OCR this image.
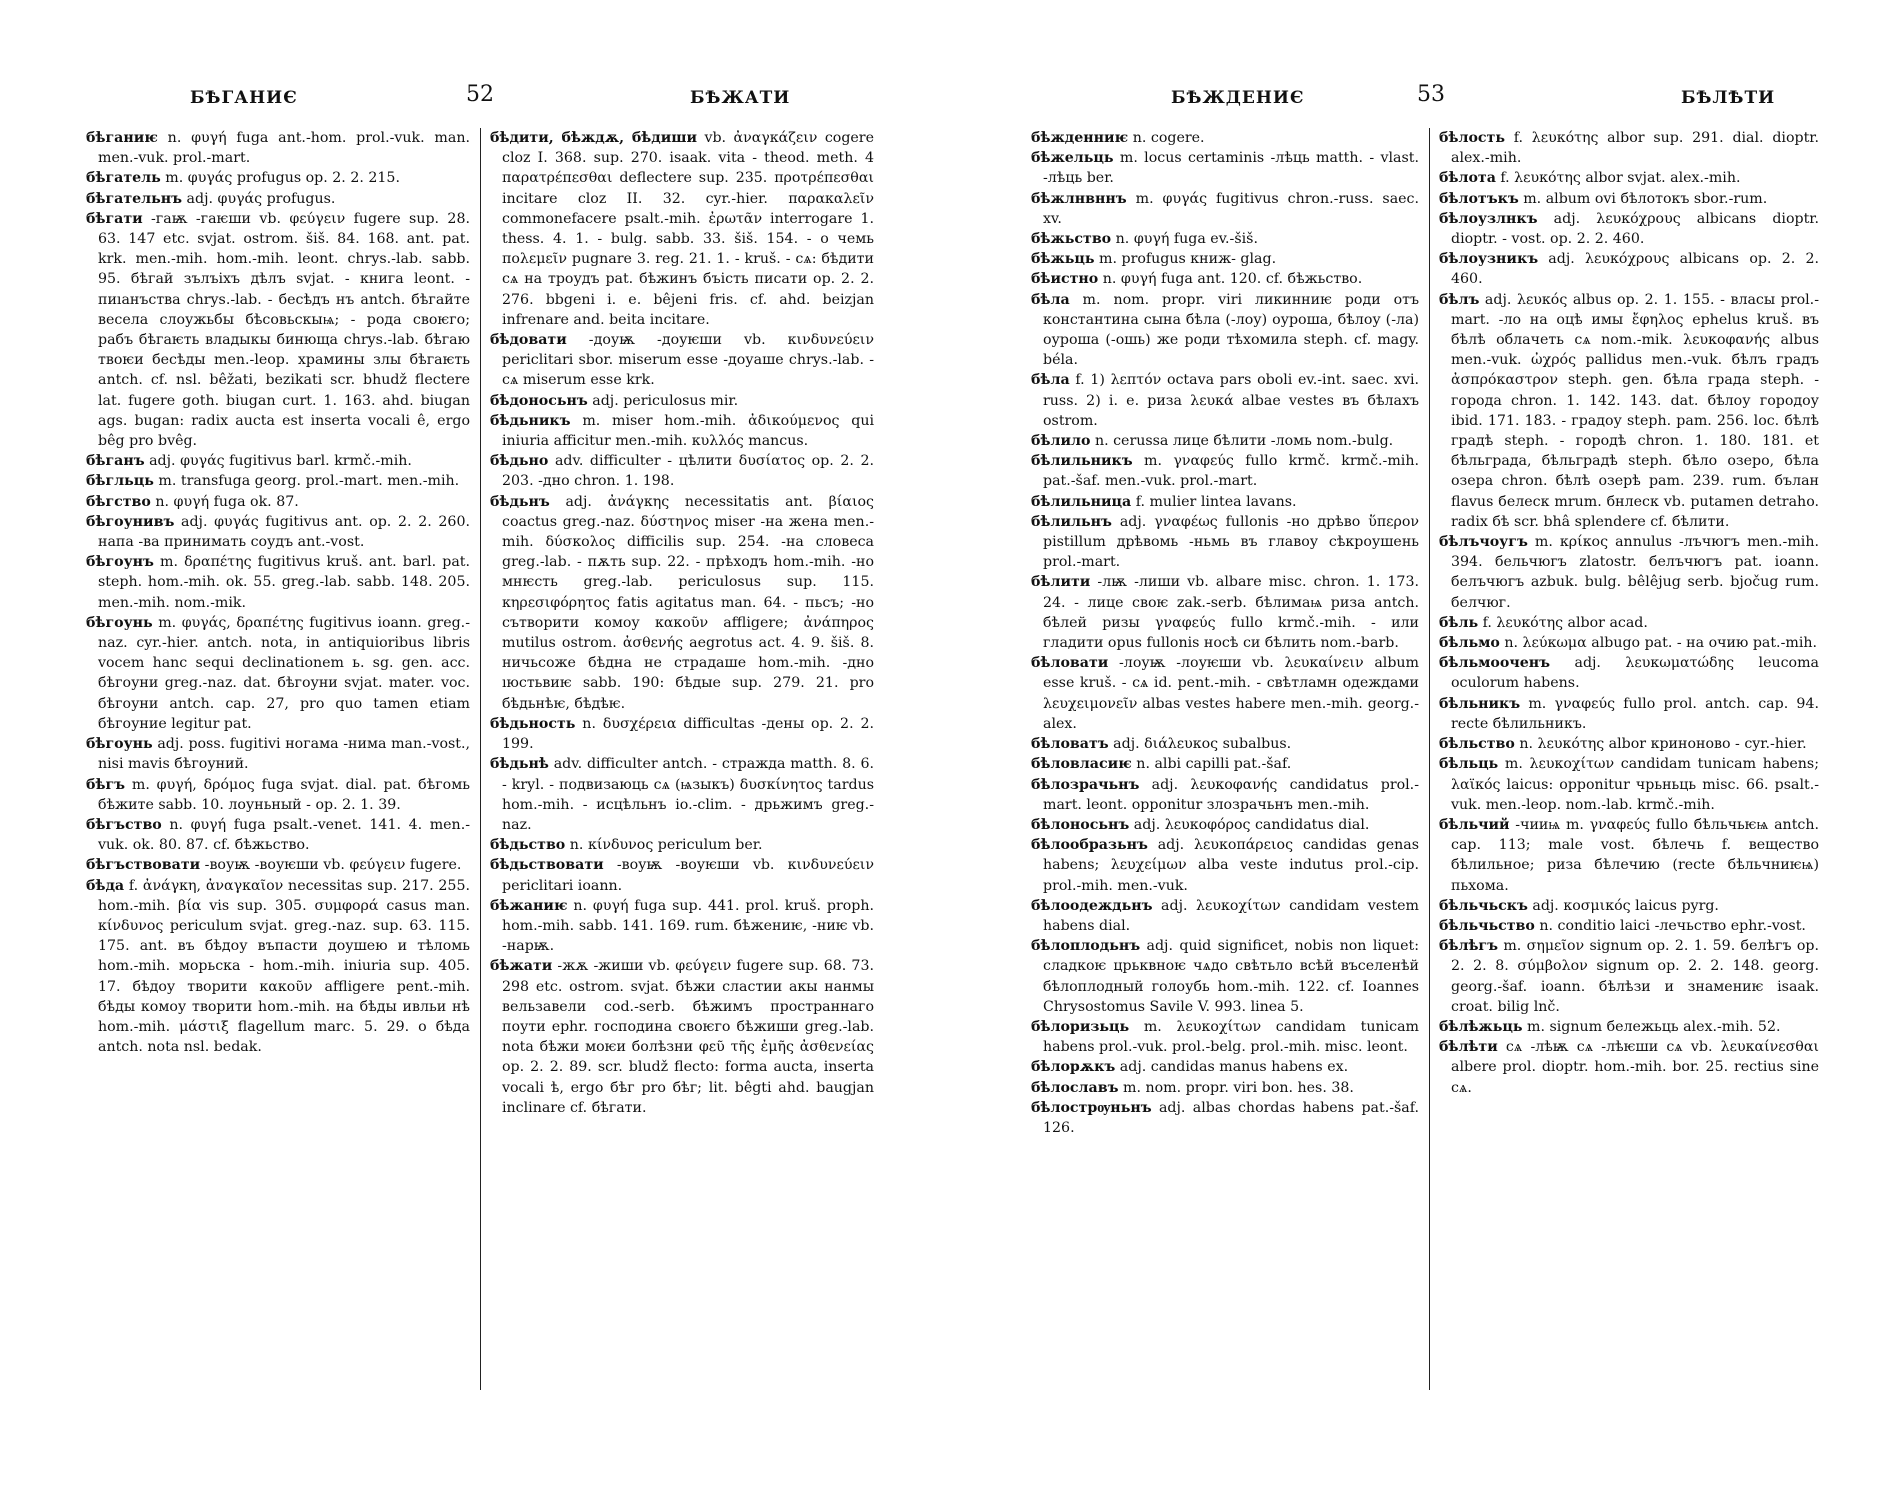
БѢГАНИЄ	52	БѢЖАТИ

бѣганиѥ n. φυγή fuga ant.-hom. prol.-vuk. man. men.-vuk. prol.-mart.

бѣгатель m. φυγάς profugus op. 2. 2. 215.

бѣгательнъ adj. φυγάς profugus.

бѣгати -гаѭ -гаѥши vb. φεύγειν fugere sup. 28. 63. 147 etc. svjat. ostrom. šiš. 84. 168. ant. pat. krk. men.-mih. hom.-mih. leont. chrys.-lab. sabb. 95. бѣгай зълъіхъ дѣлъ svjat. - книга leont. - пиıанъства chrys.-lab. - бесѣдъ нъ antch. бѣгайте весела слоужьбы бѣсовьскыѩ; - рода своѥго; рабъ бѣгаѥть владыкы бинюща chrys.-lab. бѣгаю твоѥи бесѣды men.-leop. храмины злы бѣгаѥть antch. cf. nsl. bêžati, bezikati scr. bhudž flectere lat. fugere goth. biugan curt. 1. 163. ahd. biugan ags. bugan: radix aucta est inserta vocali ê, ergo bêg pro bvêg.

бѣганъ adj. φυγάς fugitivus barl. krmč.-mih.

бѣгльць m. transfuga georg. prol.-mart. men.-mih.

бѣгство n. φυγή fuga ok. 87.

бѣгоунивъ adj. φυγάς fugitivus ant. op. 2. 2. 260. напа -ва принимать соудъ ant.-vost.

бѣгоунъ m. δραπέτης fugitivus kruš. ant. barl. pat. steph. hom.-mih. ok. 55. greg.-lab. sabb. 148. 205. men.-mih. nom.-mik.

бѣгоунь m. φυγάς, δραπέτης fugitivus ioann. greg.-naz. cyr.-hier. antch. nota, in antiquioribus libris vocem hanc sequi declinationem ь. sg. gen. acc. бѣгоуни greg.-naz. dat. бѣгоуни svjat. mater. voc. бѣгоуни antch. cap. 27, pro quo tamen etiam бѣгоуние legitur pat.

бѣгоунь adj. poss. fugitivi ногама -нима man.-vost., nisi mavis бѣгоуний.

бѣгъ m. φυγή, δρόμος fuga svjat. dial. pat. бѣгомь бѣжите sabb. 10. лоуньный - op. 2. 1. 39.

бѣгъство n. φυγή fuga psalt.-venet. 141. 4. men.-vuk. ok. 80. 87. cf. бѣжьство.

бѣгъствовати -воуѭ -воуѥши vb. φεύγειν fugere.

бѣда f. ἀνάγκη, ἀναγκαῖον necessitas sup. 217. 255. hom.-mih. βία vis sup. 305. συμφορά casus man. κίνδυνος periculum svjat. greg.-naz. sup. 63. 115. 175. ant. въ бѣдоу въпасти доушею и тѣломь hom.-mih. морьска - hom.-mih. iniuria sup. 405. 17. бѣдоу творити κακοῦν affligere pent.-mih. бѣды комоу творити hom.-mih. на бѣды ивльи нѣ hom.-mih. μάστιξ flagellum marc. 5. 29. о бѣда antch. nota nsl. bedak.

бѣдити, бѣждѫ, бѣдиши vb. ἀναγκάζειν cogere cloz I. 368. sup. 270. isaak. vita - theod. meth. 4 παρατρέπεσθαι deflectere sup. 235. προτρέπεσθαι incitare cloz II. 32. cyr.-hier. παρακαλεῖν commonefacere psalt.-mih. ἐρωτᾶν interrogare 1. thess. 4. 1. - bulg. sabb. 33. šiš. 154. - о чемь πολεμεῖν pugnare 3. reg. 21. 1. - kruš. - сѧ: бѣдити сѧ на троудъ pat. бѣжинъ бъість писати op. 2. 2. 276. bbgeni i. e. bêjeni fris. cf. ahd. beizjan infrenare and. beita incitare.

бѣдовати -доуѭ -доуѥши vb. κινδυνεύειν periclitari sbor. miserum esse -доуаше chrys.-lab. - сѧ miserum esse krk.

бѣдоносьнъ adj. periculosus mir.

бѣдьникъ m. miser hom.-mih. ἀδικούμενος qui iniuria afficitur men.-mih. κυλλός mancus.

бѣдьно adv. difficulter - цѣлити δυσίατος op. 2. 2. 203. -дно chron. 1. 198.

бѣдьнъ adj. ἀνάγκης necessitatis ant. βίαιος coactus greg.-naz. δύστηνος miser -на жена men.-mih. δύσκολος difficilis sup. 254. -на словеса greg.-lab. - пѫть sup. 22. - прѣходъ hom.-mih. -но мнѥсть greg.-lab. periculosus sup. 115. κηρεσιφόρητος fatis agitatus man. 64. - пьсъ; -но сътворити комоу κακοῦν affligere; ἀνάπηρος mutilus ostrom. ἀσθενής aegrotus act. 4. 9. šiš. 8. ничьсоже бѣдна не страдаше hom.-mih. -дно ıюстьвиѥ sabb. 190: бѣдые sup. 279. 21. pro бѣдьнѣѥ, бѣдѣѥ.

бѣдьность n. δυσχέρεια difficultas -дены op. 2. 2. 199.

бѣдьнѣ adv. difficulter antch. - стражда matth. 8. 6. - kryl. - подвизаюць сѧ (ѩзыкъ) δυσκίνητος tardus hom.-mih. - исцѣльнъ io.-clim. - дрьжимъ greg.-naz.

бѣдьство n. κίνδυνος periculum ber.

бѣдьствовати -воуѭ -воуѥши vb. κινδυνεύειν periclitari ioann.

бѣжаниѥ n. φυγή fuga sup. 441. prol. kruš. proph. hom.-mih. sabb. 141. 169. rum. бѣжениѥ, -ниѥ vb. -нарѭ.

бѣжати -жѫ -жиши vb. φεύγειν fugere sup. 68. 73. 298 etc. ostrom. svjat. бѣжи сластии акы нанмы вельзавели cod.-serb. бѣжимъ пространнаго поути ephr. господина своѥго бѣжиши greg.-lab. nota бѣжи моѥи болѣзни φεῦ τῆς ἐμῆς ἀσθενείας op. 2. 2. 89. scr. bludž flecto: forma aucta, inserta vocali ѣ, ergo бѣг pro бѣг; lit. bêgti ahd. baugjan inclinare cf. бѣгати.

БѢЖДЕНИЄ	53	БѢЛѢТИ

бѣжденниѥ n. cogere.

бѣжельць m. locus certaminis -лѣць matth. - vlast. -лѣць ber.

бѣжлнвннъ m. φυγάς fugitivus chron.-russ. saec. xv.

бѣжьство n. φυγή fuga ev.-šiš.

бѣжьць m. profugus книж- glag.

бѣистно n. φυγή fuga ant. 120. cf. бѣжьство.

бѣла m. nom. propr. viri ликинниѥ роди отъ константина сына бѣла (-лоу) оурошa, бѣлоу (-ла) оурошa (-ошь) же роди тѣхомила steph. cf. magy. béla.

бѣла f. 1) λεπτόν octava pars oboli ev.-int. saec. xvi. russ. 2) i. e. риза λευκά albae vestes въ бѣлахъ ostrom.

бѣлило n. cerussa лице бѣлити -ломь nom.-bulg.

бѣлильникъ m. γναφεύς fullo krmč. krmč.-mih. pat.-šaf. men.-vuk. prol.-mart.

бѣлильница f. mulier lintea lavans.

бѣлильнъ adj. γναφέως fullonis -но дрѣво ὕπερον pistillum дрѣвомь -ньмь въ главоу сѣкроушень prol.-mart.

бѣлити -лѭ -лиши vb. albare misc. chron. 1. 173. 24. - лице своѥ zak.-serb. бѣлимаѩ риза antch. бѣлей ризы γναφεύς fullo krmč.-mih. - или гладити opus fullonis носѣ си бѣлить nom.-barb.

бѣловати -лоуѭ -лоуѥши vb. λευκαίνειν album esse kruš. - сѧ id. pent.-mih. - свѣтламн одеждами λευχειμονεῖν albas vestes habere men.-mih. georg.-alex.

бѣловатъ adj. διάλευκος subalbus.

бѣловласиѥ n. albi capilli pat.-šaf.

бѣлозрачьнъ adj. λευκοφανής candidatus prol.-mart. leont. opponitur злозрачьнъ men.-mih.

бѣлоносьнъ adj. λευκοφόρος candidatus dial.

бѣлообразьнъ adj. λευκοπάρειος candidas genas habens; λευχείμων alba veste indutus prol.-cip. prol.-mih. men.-vuk.

бѣлоодеждьнъ adj. λευκοχίτων candidam vestem habens dial.

бѣлоплодьнъ adj. quid significet, nobis non liquet: сладкоѥ црьквноѥ чѧдо свѣтьло всѣй въселенѣй бѣлоплодный голоубь hom.-mih. 122. cf. Ioannes Chrysostomus Savile V. 993. linea 5.

бѣлоризьць m. λευκοχίτων candidam tunicam habens prol.-vuk. prol.-belg. prol.-mih. misc. leont.

бѣлорѫкъ adj. candidas manus habens ex.

бѣлославъ m. nom. propr. viri bon. hes. 38.

бѣлострѹньнъ adj. albas chordas habens pat.-šaf. 126.

бѣлость f. λευκότης albor sup. 291. dial. dioptr. alex.-mih.

бѣлота f. λευκότης albor svjat. alex.-mih.

бѣлотъкъ m. album ovi бѣлотокъ sbor.-rum.

бѣлоузлнкъ adj. λευκόχρους albicans dioptr. dioptr. - vost. op. 2. 2. 460.

бѣлоузникъ adj. λευκόχρους albicans op. 2. 2. 460.

бѣлъ adj. λευκός albus op. 2. 1. 155. - власы prol.-mart. -ло на оцѣ имы ἔφηλος ephelus kruš. въ бѣлѣ облачеть сѧ nom.-mik. λευκοφανής albus men.-vuk. ὠχρός pallidus men.-vuk. бѣлъ градъ ἀσπρόκαστρον steph. gen. бѣла града steph. - города chron. 1. 142. 143. dat. бѣлоу городоу ibid. 171. 183. - градоу steph. pam. 256. loc. бѣлѣ градѣ steph. - городѣ chron. 1. 180. 181. et бѣльграда, бѣльградѣ steph. бѣло озеро, бѣла озера chron. бѣлѣ озерѣ pam. 239. rum. бълан flavus белеск mrum. бнлеск vb. putamen detraho. radix бѣ scr. bhâ splendere cf. бѣлити.

бѣлъчоугъ m. κρίκος annulus -лъчюгъ men.-mih. 394. бельчюгъ zlatostr. белъчюгъ pat. ioann. белъчюгъ azbuk. bulg. bêlêjug serb. bjočug rum. белчюг.

бѣль f. λευκότης albor acad.

бѣльмо n. λεύκωμα albugo pat. - на очию pat.-mih.

бѣльмооченъ adj. λευκωματώδης leucoma oculorum habens.

бѣльникъ m. γναφεύς fullo prol. antch. cap. 94. recte бѣлильникъ.

бѣльство n. λευκότης albor криноново - cyr.-hier.

бѣльць m. λευκοχίτων candidam tunicam habens; λαϊκός laicus: opponitur чрьньць misc. 66. psalt.-vuk. men.-leop. nom.-lab. krmč.-mih.

бѣльчий -чииѩ m. γναφεύς fullo бѣльчьѥѩ antch. cap. 113; male vost. бѣлечь f. вещество бѣлильное; риза бѣлечию (recte бѣльчниѥѩ) пьхома.

бѣльчьскъ adj. κοσμικός laicus pyrg.

бѣльчьство n. conditio laici -лечьство ephr.-vost.

бѣлѣгъ m. σημεῖον signum op. 2. 1. 59. белѣгъ op. 2. 2. 8. σύμβολον signum op. 2. 2. 148. georg. georg.-šaf. ioann. бѣлѣзи и знамениѥ isaak. croat. bilig lnč.

бѣлѣжьць m. signum бележьць alex.-mih. 52.

бѣлѣти сѧ -лѣѭ сѧ -лѣѥши сѧ vb. λευκαίνεσθαι albere prol. dioptr. hom.-mih. bor. 25. rectius sine сѧ.
